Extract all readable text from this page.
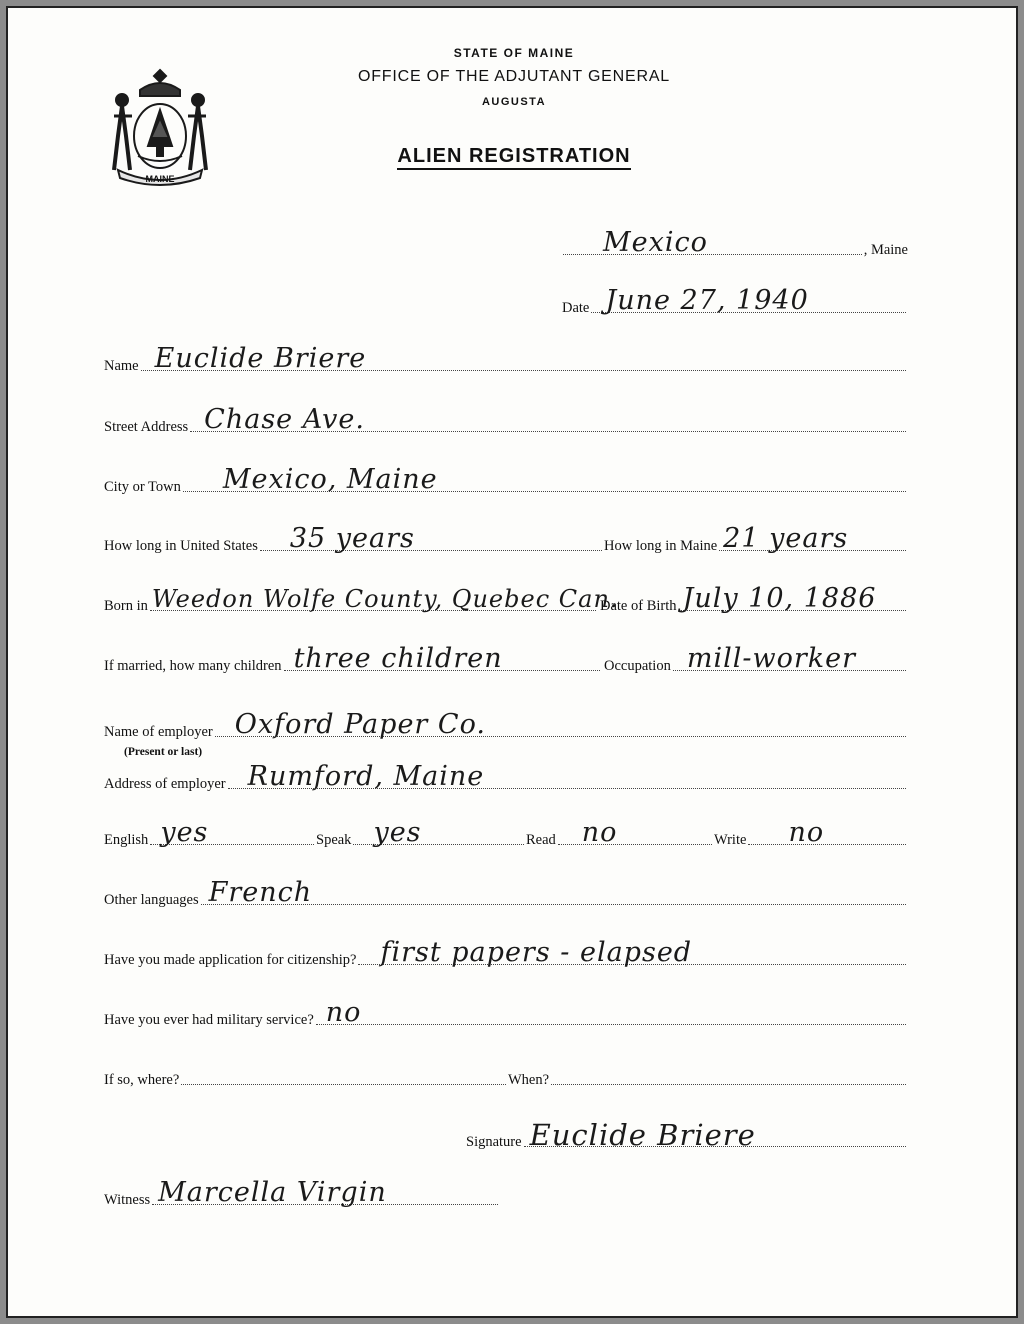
MAINE
STATE OF MAINE
OFFICE OF THE ADJUTANT GENERAL
AUGUSTA
ALIEN REGISTRATION
Mexico	, Maine
Date June 27, 1940
Name Euclide Briere
Street Address Chase Ave.
City or Town Mexico, Maine
How long in United States 35 years	How long in Maine 21 years
Born in Weedon Wolfe County, Quebec Can.
Date of Birth July 10, 1886
If married, how many children three children	Occupation mill-worker
Name of employer Oxford Paper Co.
(Present or last)
Address of employer Rumford, Maine
English yes	Speak yes	Read no	Write no
Other languages French
Have you made application for citizenship? first papers - elapsed
Have you ever had military service? no
If so, where?	When?
Signature Euclide Briere
Witness Marcella Virgin
